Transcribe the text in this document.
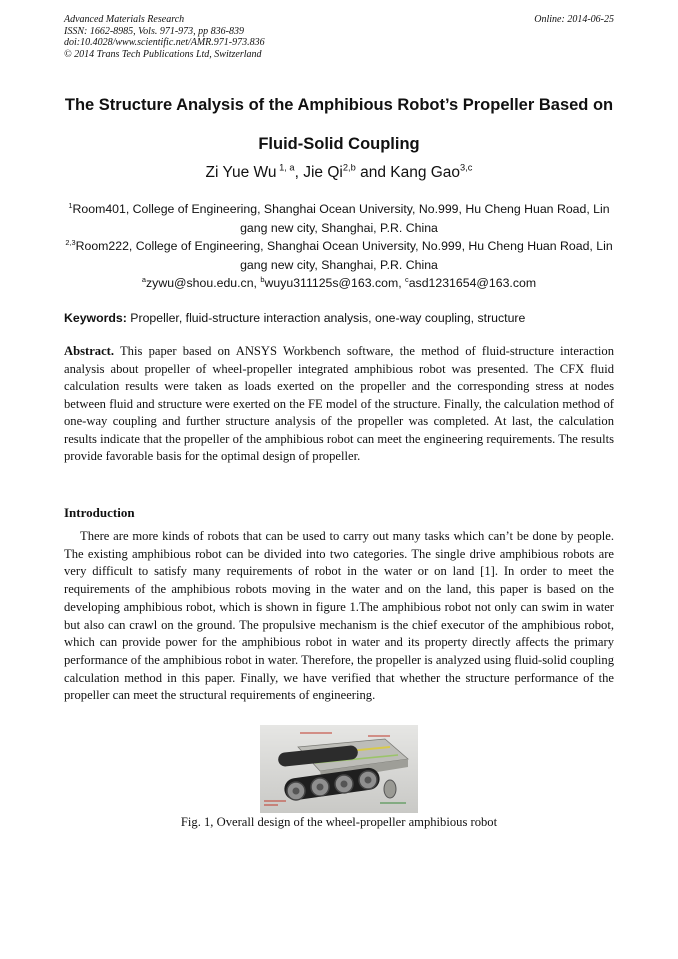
Advanced Materials Research
ISSN: 1662-8985, Vols. 971-973, pp 836-839
doi:10.4028/www.scientific.net/AMR.971-973.836
© 2014 Trans Tech Publications Ltd, Switzerland
Online: 2014-06-25
The Structure Analysis of the Amphibious Robot’s Propeller Based on
Fluid-Solid Coupling
Zi Yue Wu $^{1, a}$, Jie Qi$^{2,b}$ and Kang Gao$^{3,c}$
$^1$Room401, College of Engineering, Shanghai Ocean University, No.999, Hu Cheng Huan Road, Lin gang new city, Shanghai, P.R. China
$^{2,3}$Room222, College of Engineering, Shanghai Ocean University, No.999, Hu Cheng Huan Road, Lin gang new city, Shanghai, P.R. China
$^a$zywu@shou.edu.cn, $^b$wuyu311125s@163.com, $^c$asd1231654@163.com
Keywords: Propeller, fluid-structure interaction analysis, one-way coupling, structure
Abstract. This paper based on ANSYS Workbench software, the method of fluid-structure interaction analysis about propeller of wheel-propeller integrated amphibious robot was presented. The CFX fluid calculation results were taken as loads exerted on the propeller and the corresponding stress at nodes between fluid and structure were exerted on the FE model of the structure. Finally, the calculation method of one-way coupling and further structure analysis of the propeller was completed. At last, the calculation results indicate that the propeller of the amphibious robot can meet the engineering requirements. The results provide favorable basis for the optimal design of propeller.
Introduction
There are more kinds of robots that can be used to carry out many tasks which can’t be done by people. The existing amphibious robot can be divided into two categories. The single drive amphibious robots are very difficult to satisfy many requirements of robot in the water or on land [1]. In order to meet the requirements of the amphibious robots moving in the water and on the land, this paper is based on the developing amphibious robot, which is shown in figure 1.The amphibious robot not only can swim in water but also can crawl on the ground. The propulsive mechanism is the chief executor of the amphibious robot, which can provide power for the amphibious robot in water and its property directly affects the primary performance of the amphibious robot in water. Therefore, the propeller is analyzed using fluid-solid coupling calculation method in this paper. Finally, we have verified that whether the structure performance of the propeller can meet the structural requirements of engineering.
Fig. 1, Overall design of the wheel-propeller amphibious robot
